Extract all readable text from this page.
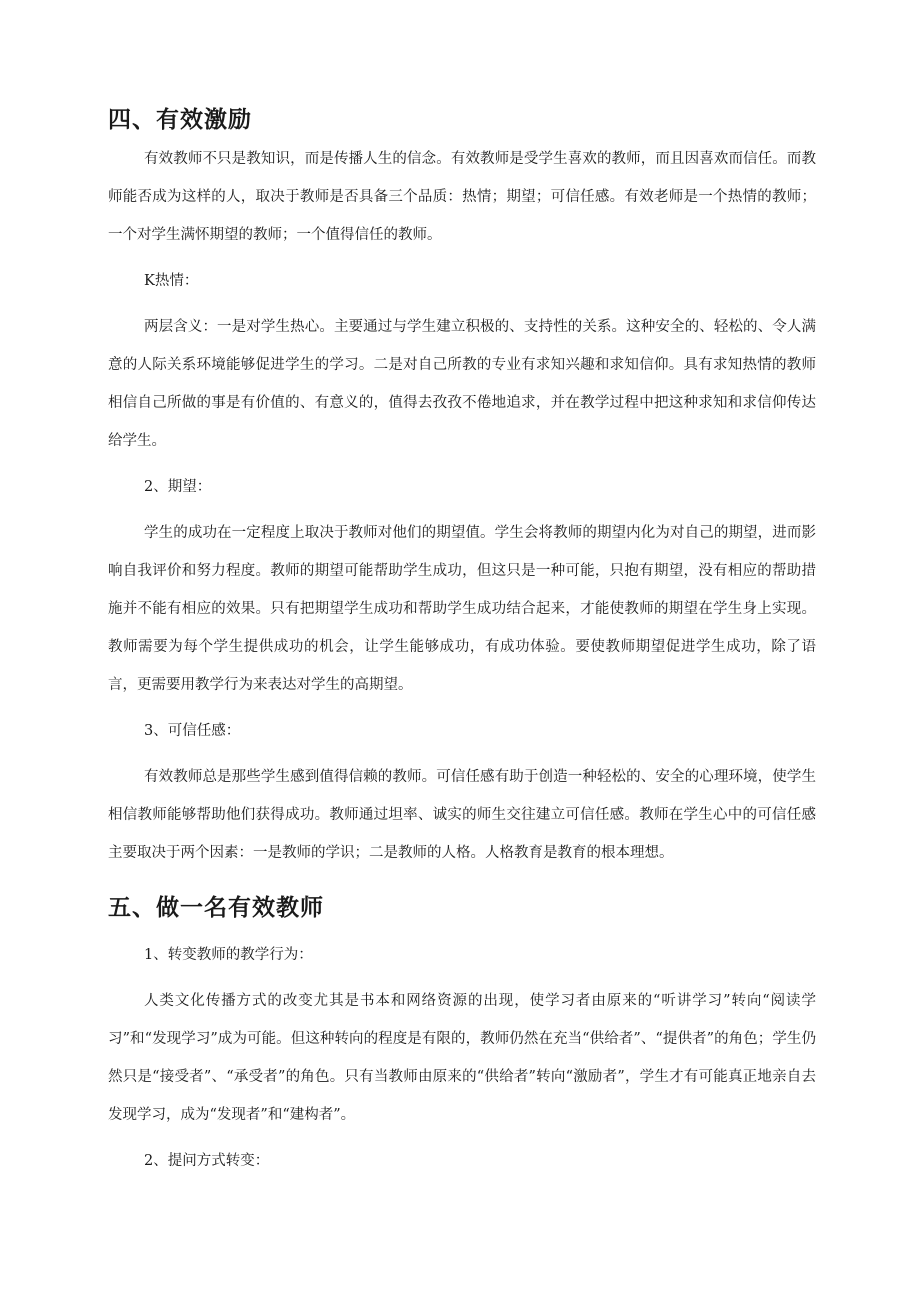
四、有效激励

有效教师不只是教知识，而是传播人生的信念。有效教师是受学生喜欢的教师，而且因喜欢而信任。而教师能否成为这样的人，取决于教师是否具备三个品质：热情；期望；可信任感。有效老师是一个热情的教师；一个对学生满怀期望的教师；一个值得信任的教师。

K热情：

两层含义：一是对学生热心。主要通过与学生建立积极的、支持性的关系。这种安全的、轻松的、令人满意的人际关系环境能够促进学生的学习。二是对自己所教的专业有求知兴趣和求知信仰。具有求知热情的教师相信自己所做的事是有价值的、有意义的，值得去孜孜不倦地追求，并在教学过程中把这种求知和求信仰传达给学生。

2、期望：

学生的成功在一定程度上取决于教师对他们的期望值。学生会将教师的期望内化为对自己的期望，进而影响自我评价和努力程度。教师的期望可能帮助学生成功，但这只是一种可能，只抱有期望，没有相应的帮助措施并不能有相应的效果。只有把期望学生成功和帮助学生成功结合起来，才能使教师的期望在学生身上实现。教师需要为每个学生提供成功的机会，让学生能够成功，有成功体验。要使教师期望促进学生成功，除了语言，更需要用教学行为来表达对学生的高期望。

3、可信任感：

有效教师总是那些学生感到值得信赖的教师。可信任感有助于创造一种轻松的、安全的心理环境，使学生相信教师能够帮助他们获得成功。教师通过坦率、诚实的师生交往建立可信任感。教师在学生心中的可信任感主要取决于两个因素：一是教师的学识；二是教师的人格。人格教育是教育的根本理想。

五、做一名有效教师

1、转变教师的教学行为：

人类文化传播方式的改变尤其是书本和网络资源的出现，使学习者由原来的“听讲学习”转向“阅读学习”和“发现学习”成为可能。但这种转向的程度是有限的，教师仍然在充当“供给者”、“提供者”的角色；学生仍然只是“接受者”、“承受者”的角色。只有当教师由原来的“供给者”转向“激励者”，学生才有可能真正地亲自去发现学习，成为“发现者”和“建构者”。

2、提问方式转变：
